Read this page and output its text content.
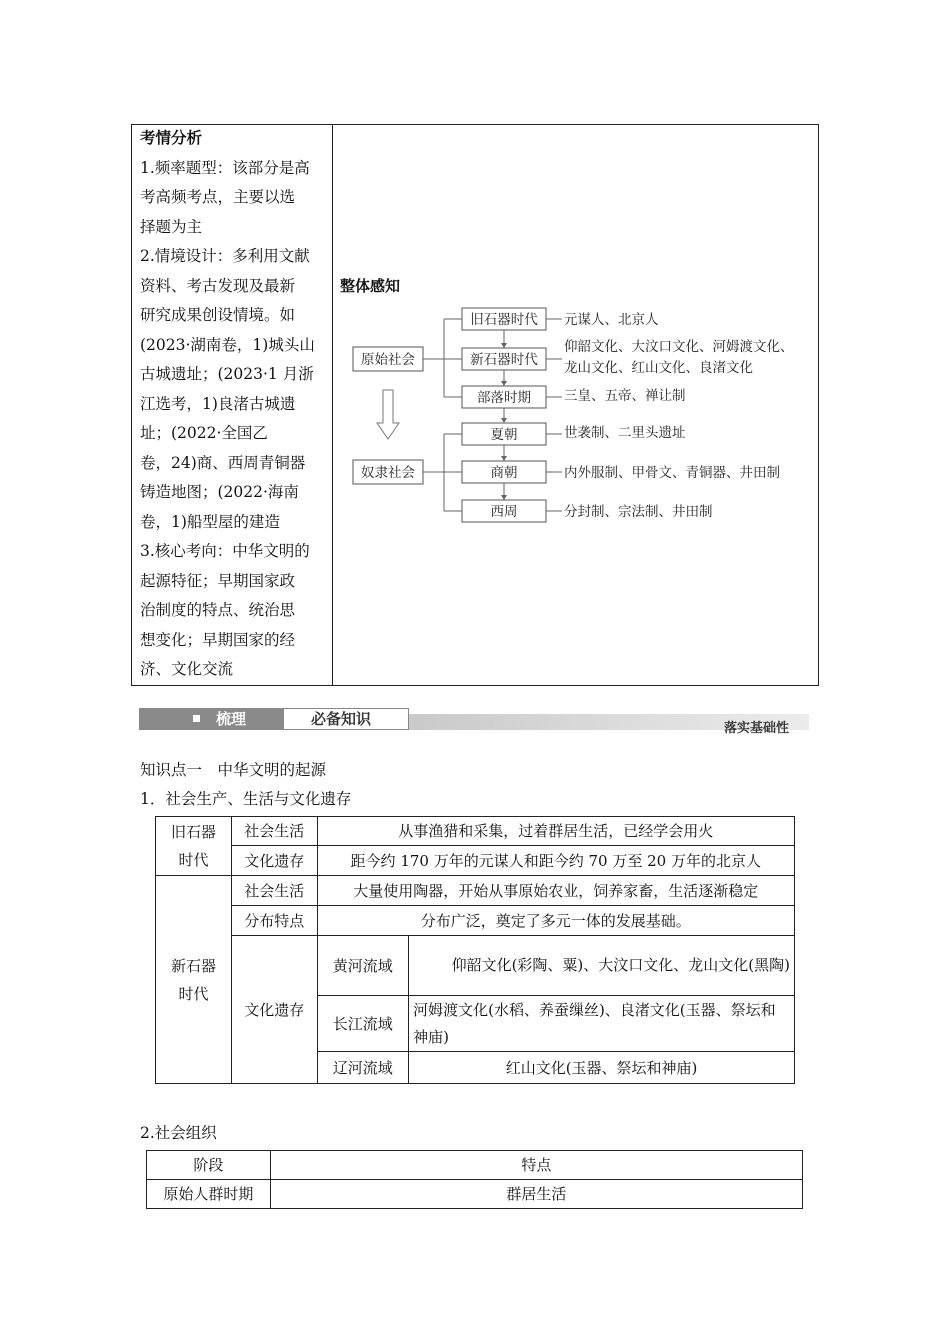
考情分析
1.频率题型：该部分是高
考高频考点，主要以选
择题为主
2.情境设计：多利用文献
资料、考古发现及最新
研究成果创设情境。如
(2023·湖南卷，1)城头山
古城遗址；(2023·1 月浙
江选考，1)良渚古城遗
址；(2022·全国乙
卷，24)商、西周青铜器
铸造地图；(2022·海南
卷，1)船型屋的建造
3.核心考向：中华文明的
起源特征；早期国家政
治制度的特点、统治思
想变化；早期国家的经
济、文化交流
整体感知
原始社会
奴隶社会
旧石器时代
新石器时代
部落时期
夏朝
商朝
西周
元谋人、北京人
仰韶文化、大汶口文化、河姆渡文化、
龙山文化、红山文化、良渚文化
三皇、五帝、禅让制
世袭制、二里头遗址
内外服制、甲骨文、青铜器、井田制
分封制、宗法制、井田制
梳理	必备知识
落实基础性
知识点一　中华文明的起源
1．社会生产、生活与文化遗存
旧石器时代	社会生活	从事渔猎和采集，过着群居生活，已经学会用火	
	文化遗存	距今约 170 万年的元谋人和距今约 70 万至 20 万年的北京人	
新石器时代	社会生活	大量使用陶器，开始从事原始农业，饲养家畜，生活逐渐稳定	
	分布特点	分布广泛，奠定了多元一体的发展基础。	
	文化遗存	黄河流域	仰韶文化(彩陶、粟)、大汶口文化、龙山文化(黑陶)
		长江流域	河姆渡文化(水稻、养蚕缫丝)、良渚文化(玉器、祭坛和神庙)
		辽河流域	红山文化(玉器、祭坛和神庙)
2.社会组织
阶段	特点
原始人群时期	群居生活
